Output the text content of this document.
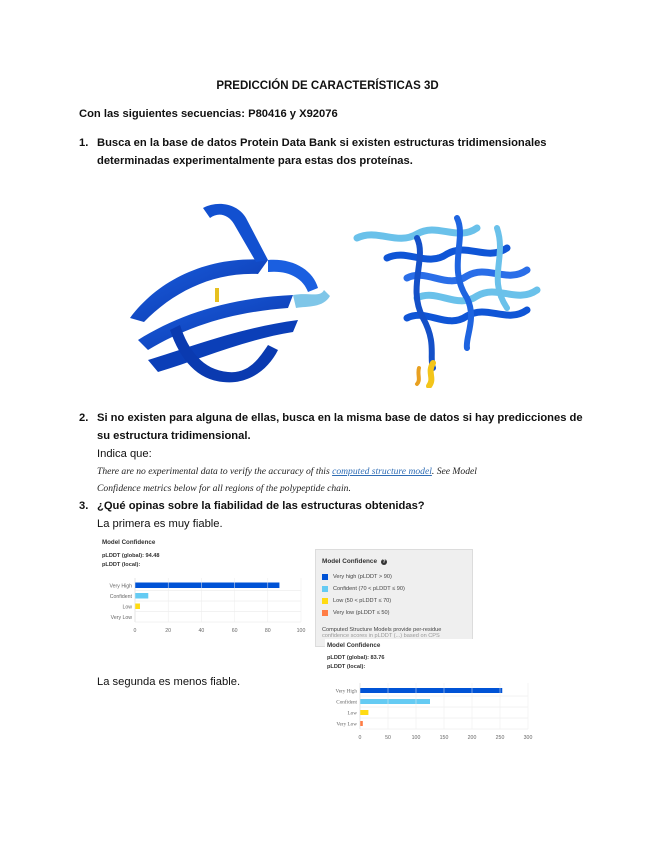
PREDICCIÓN DE CARACTERÍSTICAS 3D
Con las siguientes secuencias: P80416 y X92076
1. Busca en la base de datos Protein Data Bank si existen estructuras tridimensionales
determinadas experimentalmente para estas dos proteínas.
2. Si no existen para alguna de ellas, busca en la misma base de datos si hay predicciones de
su estructura tridimensional.
Indica que:
There are no experimental data to verify the accuracy of this computed structure model. See Model
Confidence metrics below for all regions of the polypeptide chain.
3. ¿Qué opinas sobre la fiabilidad de las estructuras obtenidas?
La primera es muy fiable.
La segunda es menos fiable.
Model Confidence
pLDDT (global): 94.48
pLDDT (local):
Very High
Confident
Low
Very Low
0	20	40	60	80	100
Model Confidence ?
Very high (pLDDT > 90)
Confident (70 < pLDDT ≤ 90)
Low (50 < pLDDT ≤ 70)
Very low (pLDDT ≤ 50)
Computed Structure Models provide per-residue
confidence scores in pLDDT (...) based on CPS
Model Confidence
pLDDT (global): 83.76
pLDDT (local):
Very High
Confident
Low
Very Low
0	50	100	150	200	250	300
